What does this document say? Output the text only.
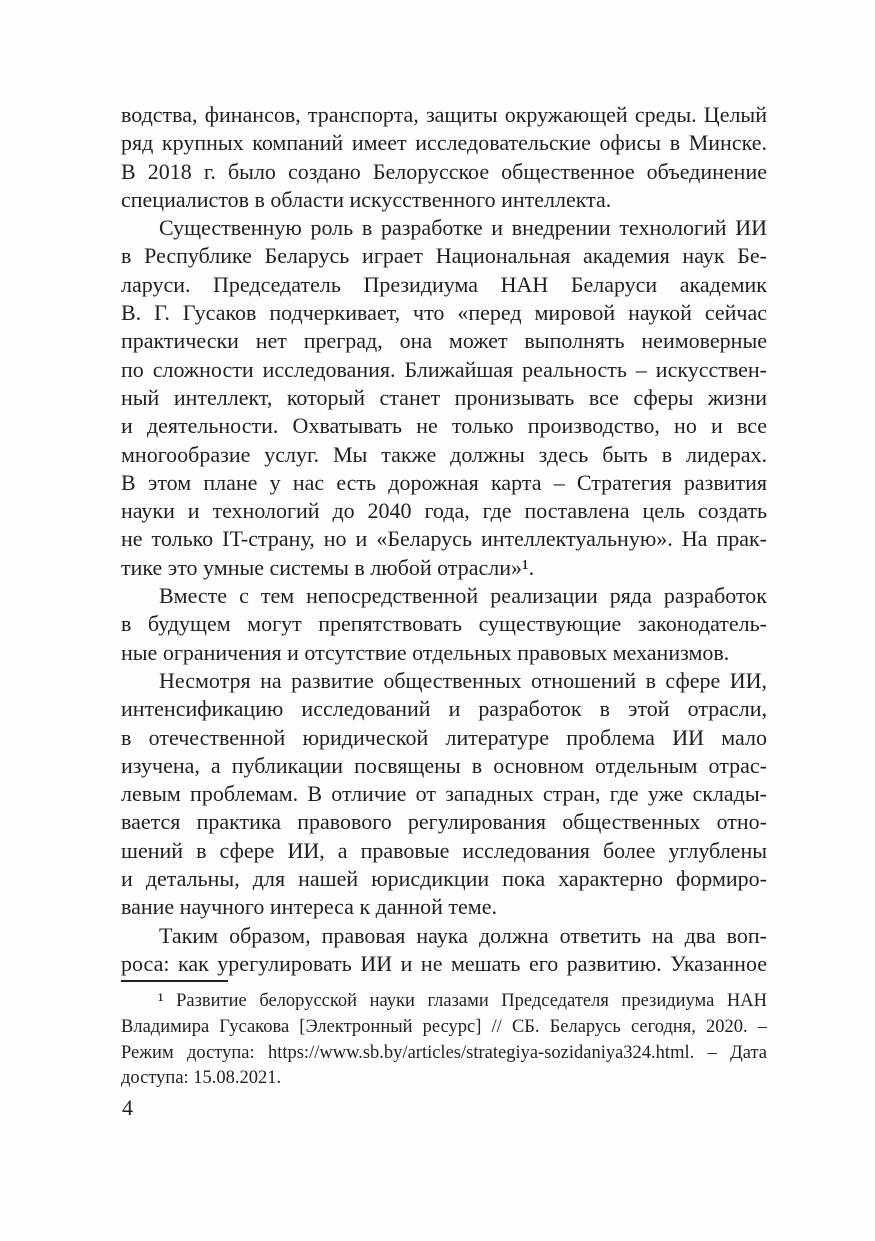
водства, финансов, транспорта, защиты окружающей среды. Целый
ряд крупных компаний имеет исследовательские офисы в Минске.
В 2018 г. было создано Белорусское общественное объединение
специалистов в области искусственного интеллекта.
Существенную роль в разработке и внедрении технологий ИИ
в Республике Беларусь играет Национальная академия наук Бе-
ларуси. Председатель Президиума НАН Беларуси академик
В. Г. Гусаков подчеркивает, что «перед мировой наукой сейчас
практически нет преград, она может выполнять неимоверные
по сложности исследования. Ближайшая реальность – искусствен-
ный интеллект, который станет пронизывать все сферы жизни
и деятельности. Охватывать не только производство, но и все
многообразие услуг. Мы также должны здесь быть в лидерах.
В этом плане у нас есть дорожная карта – Стратегия развития
науки и технологий до 2040 года, где поставлена цель создать
не только IT-страну, но и «Беларусь интеллектуальную». На прак-
тике это умные системы в любой отрасли»¹.
Вместе с тем непосредственной реализации ряда разработок
в будущем могут препятствовать существующие законодатель-
ные ограничения и отсутствие отдельных правовых механизмов.
Несмотря на развитие общественных отношений в сфере ИИ,
интенсификацию исследований и разработок в этой отрасли,
в отечественной юридической литературе проблема ИИ мало
изучена, а публикации посвящены в основном отдельным отрас-
левым проблемам. В отличие от западных стран, где уже склады-
вается практика правового регулирования общественных отно-
шений в сфере ИИ, а правовые исследования более углублены
и детальны, для нашей юрисдикции пока характерно формиро-
вание научного интереса к данной теме.
Таким образом, правовая наука должна ответить на два воп-
роса: как урегулировать ИИ и не мешать его развитию. Указанное
¹ Развитие белорусской науки глазами Председателя президиума НАН
Владимира Гусакова [Электронный ресурс] // СБ. Беларусь сегодня, 2020. –
Режим доступа: https://www.sb.by/articles/strategiya-sozidaniya324.html. – Дата
доступа: 15.08.2021.
4
